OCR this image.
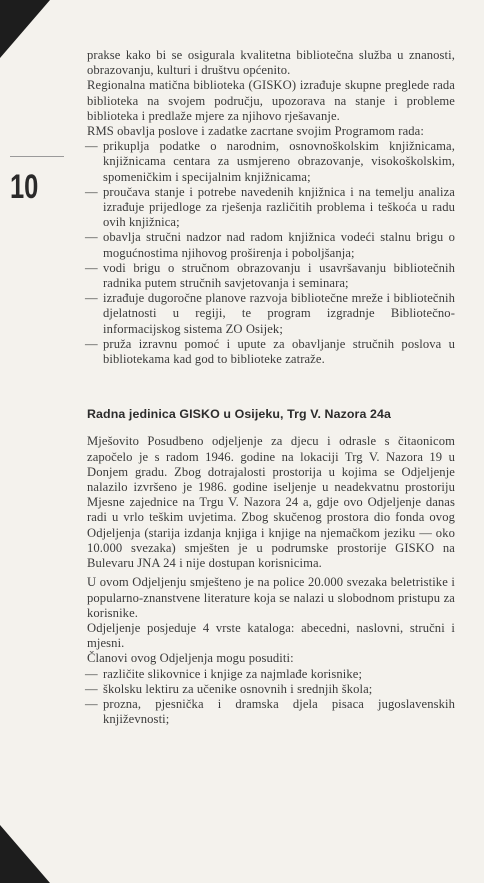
10

prakse kako bi se osigurala kvalitetna bibliotečna služba u znanosti, obrazovanju, kulturi i društvu općenito.

Regionalna matična biblioteka (GISKO) izrađuje skupne preglede rada biblioteka na svojem području, upozorava na stanje i probleme biblioteka i predlaže mjere za njihovo rješavanje.

RMS obavlja poslove i zadatke zacrtane svojim Programom rada:

— prikuplja podatke o narodnim, osnovnoškolskim knjižnicama, knjižnicama centara za usmjereno obrazovanje, visokoškolskim, spomeničkim i specijalnim knjižnicama;
— proučava stanje i potrebe navedenih knjižnica i na temelju analiza izrađuje prijedloge za rješenja različitih problema i teškoća u radu ovih knjižnica;
— obavlja stručni nadzor nad radom knjižnica vodeći stalnu brigu o mogućnostima njihovog proširenja i poboljšanja;
— vodi brigu o stručnom obrazovanju i usavršavanju bibliotečnih radnika putem stručnih savjetovanja i seminara;
— izrađuje dugoročne planove razvoja bibliotečne mreže i bibliotečnih djelatnosti u regiji, te program izgradnje Bibliotečno-informacijskog sistema ZO Osijek;
— pruža izravnu pomoć i upute za obavljanje stručnih poslova u bibliotekama kad god to biblioteke zatraže.
Radna jedinica GISKO u Osijeku, Trg V. Nazora 24a

Mješovito Posudbeno odjeljenje za djecu i odrasle s čitaonicom započelo je s radom 1946. godine na lokaciji Trg V. Nazora 19 u Donjem gradu. Zbog dotrajalosti prostorija u kojima se Odjeljenje nalazilo izvršeno je 1986. godine iseljenje u neadekvatnu prostoriju Mjesne zajednice na Trgu V. Nazora 24 a, gdje ovo Odjeljenje danas radi u vrlo teškim uvjetima. Zbog skučenog prostora dio fonda ovog Odjeljenja (starija izdanja knjiga i knjige na njemačkom jeziku — oko 10.000 svezaka) smješten je u podrumske prostorije GISKO na Bulevaru JNA 24 i nije dostupan korisnicima.

U ovom Odjeljenju smješteno je na police 20.000 svezaka beletristike i popularno-znanstvene literature koja se nalazi u slobodnom pristupu za korisnike.

Odjeljenje posjeduje 4 vrste kataloga: abecedni, naslovni, stručni i mjesni.

Članovi ovog Odjeljenja mogu posuditi:

— različite slikovnice i knjige za najmlađe korisnike;
— školsku lektiru za učenike osnovnih i srednjih škola;
— prozna, pjesnička i dramska djela pisaca jugoslavenskih književnosti;
